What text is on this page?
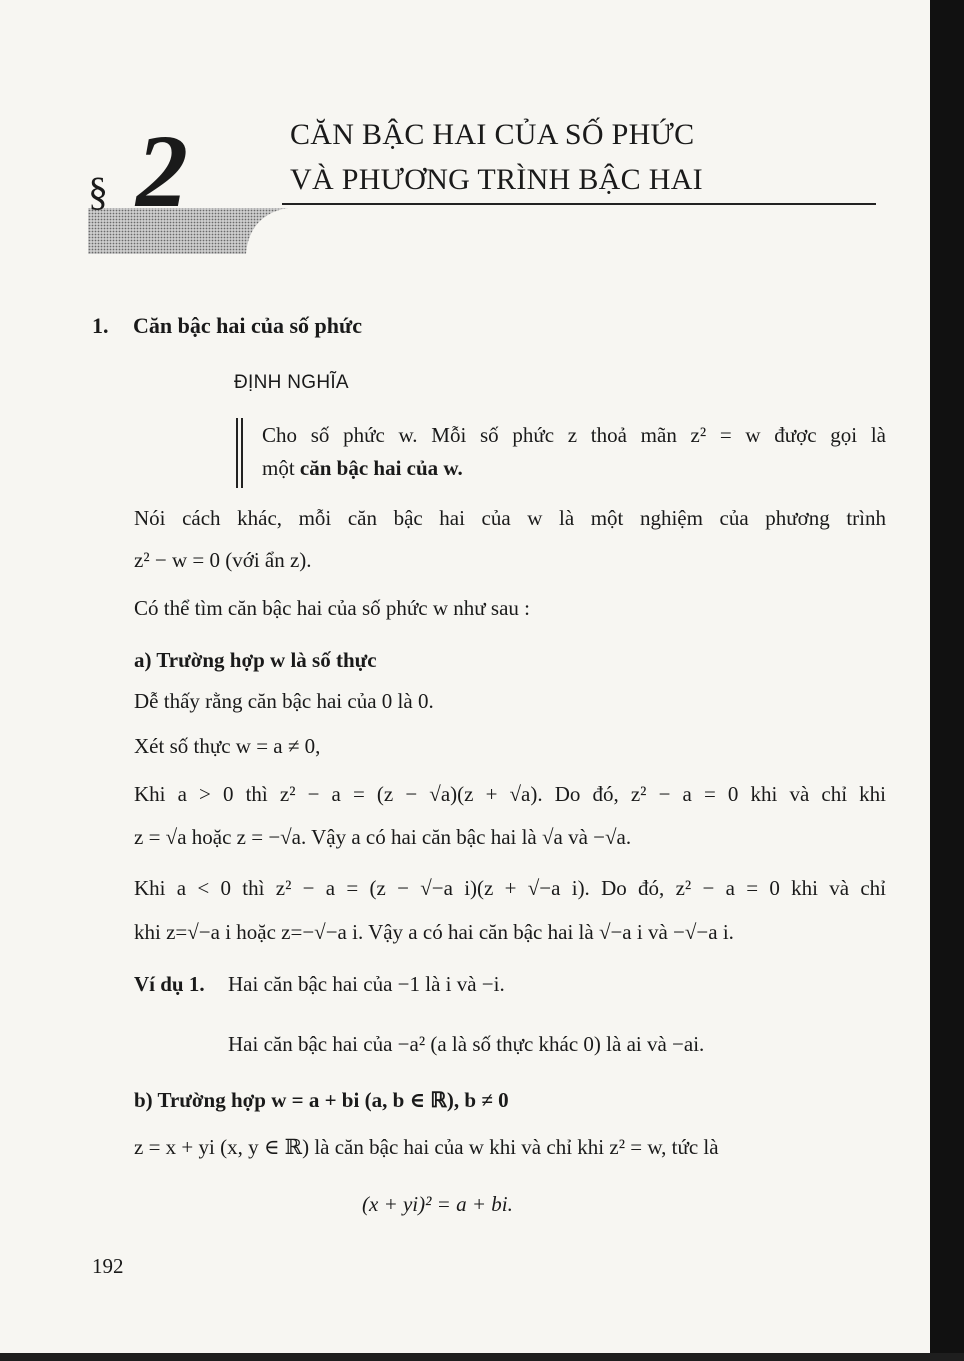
§ 2	CĂN BẬC HAI CỦA SỐ PHỨC
VÀ PHƯƠNG TRÌNH BẬC HAI
1. Căn bậc hai của số phức
ĐỊNH NGHĨA
Cho số phức w. Mỗi số phức z thoả mãn z² = w được gọi là
một căn bậc hai của w.
Nói cách khác, mỗi căn bậc hai của w là một nghiệm của phương trình
z² − w = 0 (với ẩn z).
Có thể tìm căn bậc hai của số phức w như sau :
a) Trường hợp w là số thực
Dễ thấy rằng căn bậc hai của 0 là 0.
Xét số thực w = a ≠ 0,
Khi a > 0 thì z² − a = (z − √a)(z + √a). Do đó, z² − a = 0 khi và chỉ khi
z = √a hoặc z = −√a. Vậy a có hai căn bậc hai là √a và −√a.
Khi a < 0 thì z² − a = (z − √−a i)(z + √−a i). Do đó, z² − a = 0 khi và chỉ
khi z=√−a i hoặc z=−√−a i. Vậy a có hai căn bậc hai là √−a i và −√−a i.
Ví dụ 1. Hai căn bậc hai của −1 là i và −i.
Hai căn bậc hai của −a² (a là số thực khác 0) là ai và −ai.
b) Trường hợp w = a + bi (a, b ∈ ℝ), b ≠ 0
z = x + yi (x, y ∈ ℝ) là căn bậc hai của w khi và chỉ khi z² = w, tức là
(x + yi)² = a + bi.
192
